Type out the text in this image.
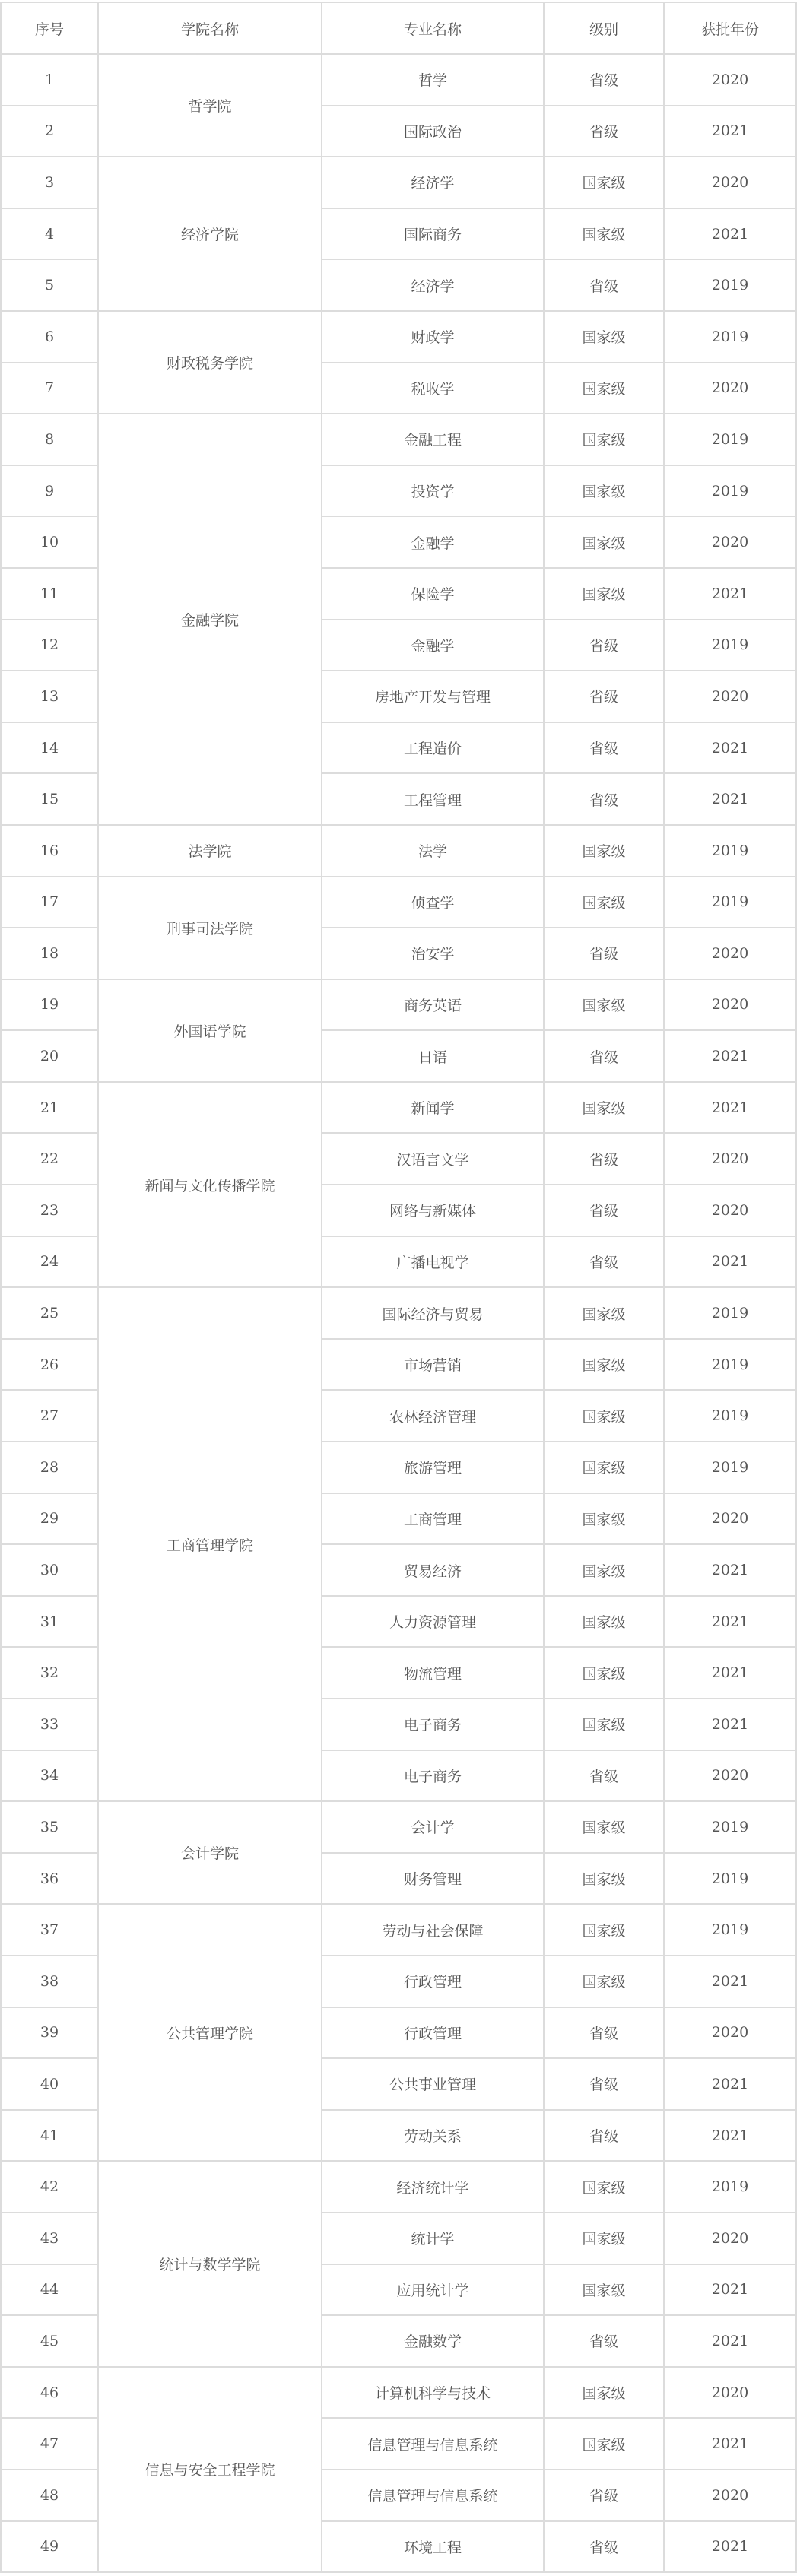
序号	学院名称	专业名称	级别	获批年份
1	哲学院	哲学	省级	2020
2		国际政治	省级	2021
3	经济学院	经济学	国家级	2020
4		国际商务	国家级	2021
5		经济学	省级	2019
6	财政税务学院	财政学	国家级	2019
7		税收学	国家级	2020
8	金融学院	金融工程	国家级	2019
9		投资学	国家级	2019
10		金融学	国家级	2020
11		保险学	国家级	2021
12		金融学	省级	2019
13		房地产开发与管理	省级	2020
14		工程造价	省级	2021
15		工程管理	省级	2021
16	法学院	法学	国家级	2019
17	刑事司法学院	侦查学	国家级	2019
18		治安学	省级	2020
19	外国语学院	商务英语	国家级	2020
20		日语	省级	2021
21	新闻与文化传播学院	新闻学	国家级	2021
22		汉语言文学	省级	2020
23		网络与新媒体	省级	2020
24		广播电视学	省级	2021
25	工商管理学院	国际经济与贸易	国家级	2019
26		市场营销	国家级	2019
27		农林经济管理	国家级	2019
28		旅游管理	国家级	2019
29		工商管理	国家级	2020
30		贸易经济	国家级	2021
31		人力资源管理	国家级	2021
32		物流管理	国家级	2021
33		电子商务	国家级	2021
34		电子商务	省级	2020
35	会计学院	会计学	国家级	2019
36		财务管理	国家级	2019
37	公共管理学院	劳动与社会保障	国家级	2019
38		行政管理	国家级	2021
39		行政管理	省级	2020
40		公共事业管理	省级	2021
41		劳动关系	省级	2021
42	统计与数学学院	经济统计学	国家级	2019
43		统计学	国家级	2020
44		应用统计学	国家级	2021
45		金融数学	省级	2021
46	信息与安全工程学院	计算机科学与技术	国家级	2020
47		信息管理与信息系统	国家级	2021
48		信息管理与信息系统	省级	2020
49		环境工程	省级	2021
